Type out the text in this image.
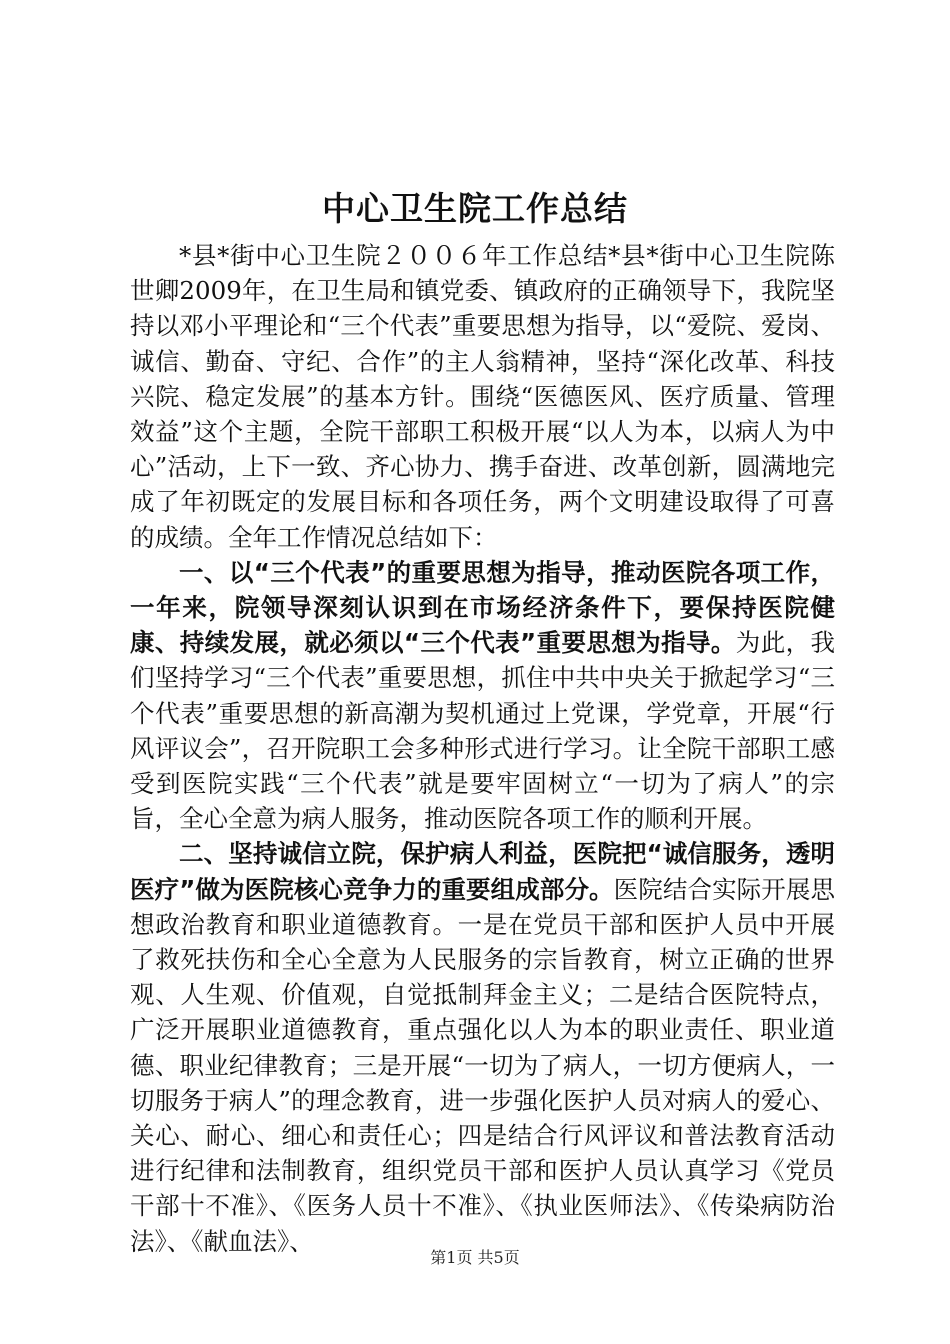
中心卫生院工作总结

*县*街中心卫生院２００６年工作总结*县*街中心卫生院陈世卿2009年，在卫生局和镇党委、镇政府的正确领导下，我院坚持以邓小平理论和“三个代表”重要思想为指导，以“爱院、爱岗、诚信、勤奋、守纪、合作”的主人翁精神，坚持“深化改革、科技兴院、稳定发展”的基本方针。围绕“医德医风、医疗质量、管理效益”这个主题，全院干部职工积极开展“以人为本，以病人为中心”活动，上下一致、齐心协力、携手奋进、改革创新，圆满地完成了年初既定的发展目标和各项任务，两个文明建设取得了可喜的成绩。全年工作情况总结如下：

一、以“三个代表”的重要思想为指导，推动医院各项工作，一年来，院领导深刻认识到在市场经济条件下，要保持医院健康、持续发展，就必须以“三个代表”重要思想为指导。为此，我们坚持学习“三个代表”重要思想，抓住中共中央关于掀起学习“三个代表”重要思想的新高潮为契机通过上党课，学党章，开展“行风评议会”，召开院职工会多种形式进行学习。让全院干部职工感受到医院实践“三个代表”就是要牢固树立“一切为了病人”的宗旨，全心全意为病人服务，推动医院各项工作的顺利开展。

二、坚持诚信立院，保护病人利益，医院把“诚信服务，透明医疗”做为医院核心竞争力的重要组成部分。医院结合实际开展思想政治教育和职业道德教育。一是在党员干部和医护人员中开展了救死扶伤和全心全意为人民服务的宗旨教育，树立正确的世界观、人生观、价值观，自觉抵制拜金主义；二是结合医院特点，广泛开展职业道德教育，重点强化以人为本的职业责任、职业道德、职业纪律教育；三是开展“一切为了病人，一切方便病人，一切服务于病人”的理念教育，进一步强化医护人员对病人的爱心、关心、耐心、细心和责任心；四是结合行风评议和普法教育活动进行纪律和法制教育，组织党员干部和医护人员认真学习《党员干部十不准》、《医务人员十不准》、《执业医师法》、《传染病防治法》、《献血法》、

第1页 共5页
